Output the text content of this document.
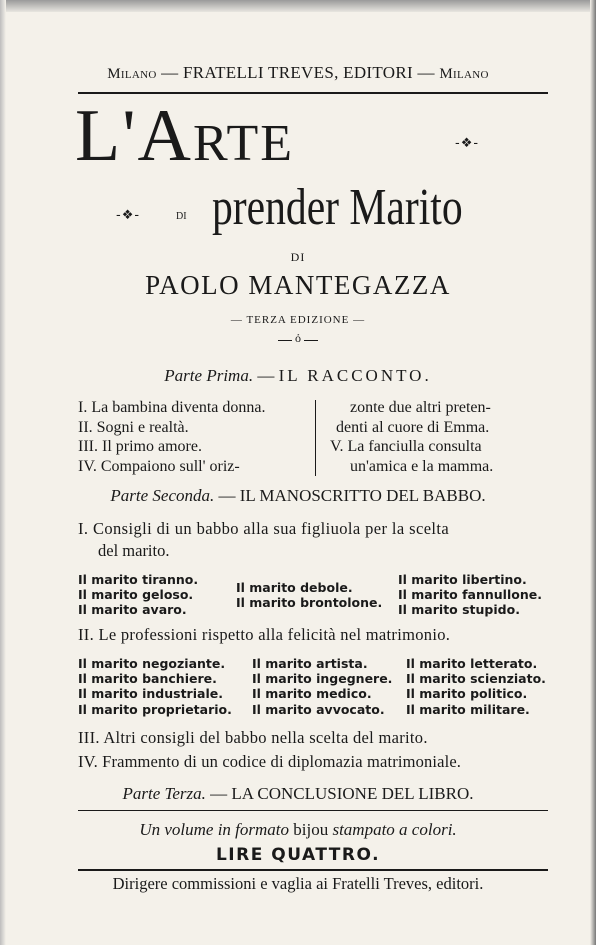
Milano — FRATELLI TREVES, EDITORI — Milano
L'Arte	-❖-
-❖-	di prender Marito
DI
PAOLO MANTEGAZZA
— TERZA EDIZIONE —
ỏ
Parte Prima. — IL RACCONTO.
I. La bambina diventa donna.
II. Sogni e realtà.
III. Il primo amore.
IV. Compaiono sull' oriz-
zonte due altri preten-
denti al cuore di Emma.
V. La fanciulla consulta
un'amica e la mamma.
Parte Seconda. — IL MANOSCRITTO DEL BABBO.
I. Consigli di un babbo alla sua figliuola per la scelta
del marito.
Il marito tiranno.
Il marito geloso.
Il marito avaro.
Il marito debole.
Il marito brontolone.
Il marito libertino.
Il marito fannullone.
Il marito stupido.
II. Le professioni rispetto alla felicità nel matrimonio.
Il marito negoziante.
Il marito banchiere.
Il marito industriale.
Il marito proprietario.
Il marito artista.
Il marito ingegnere.
Il marito medico.
Il marito avvocato.
Il marito letterato.
Il marito scienziato.
Il marito politico.
Il marito militare.
III. Altri consigli del babbo nella scelta del marito.
IV. Frammento di un codice di diplomazia matrimoniale.
Parte Terza. — LA CONCLUSIONE DEL LIBRO.
Un volume in formato bijou stampato a colori.
LIRE QUATTRO.
Dirigere commissioni e vaglia ai Fratelli Treves, editori.
